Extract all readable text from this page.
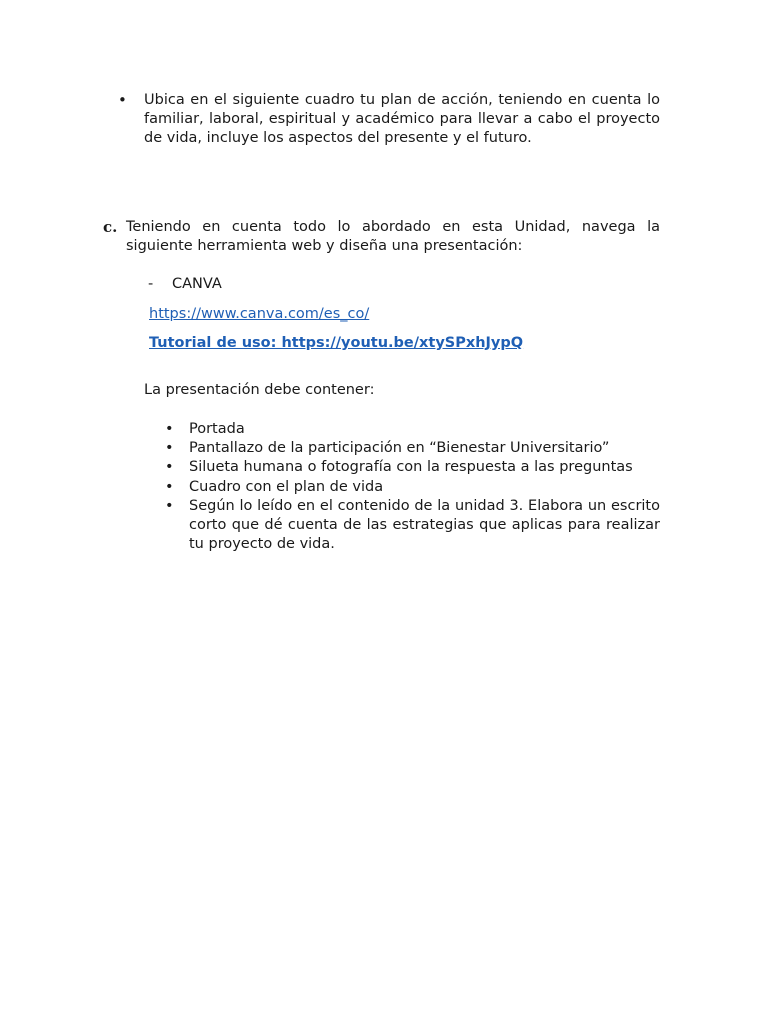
• Ubica en el siguiente cuadro tu plan de acción, teniendo en cuenta lo familiar, laboral, espiritual y académico para llevar a cabo el proyecto de vida, incluye los aspectos del presente y el futuro.
c. Teniendo en cuenta todo lo abordado en esta Unidad, navega la siguiente herramienta web y diseña una presentación:
- CANVA
https://www.canva.com/es_co/
Tutorial de uso: https://youtu.be/xtySPxhJypQ
La presentación debe contener:
• Portada
• Pantallazo de la participación en “Bienestar Universitario”
• Silueta humana o fotografía con la respuesta a las preguntas
• Cuadro con el plan de vida
• Según lo leído en el contenido de la unidad 3. Elabora un escrito corto que dé cuenta de las estrategias que aplicas para realizar tu proyecto de vida.
